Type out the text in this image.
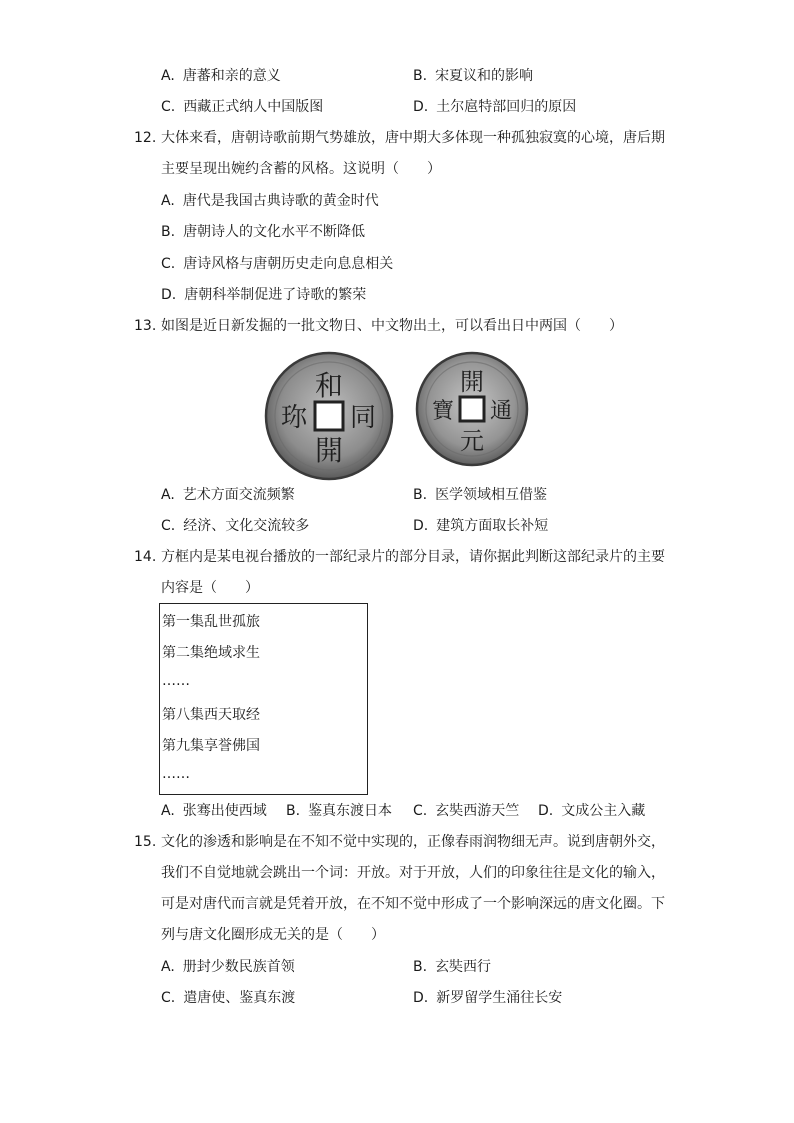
A. 唐蕃和亲的意义	B. 宋夏议和的影响
C. 西藏正式纳人中国版图	D. 土尔扈特部回归的原因
12. 大体来看，唐朝诗歌前期气势雄放，唐中期大多体现一种孤独寂寞的心境，唐后期
主要呈现出婉约含蓄的风格。这说明（　　）
A. 唐代是我国古典诗歌的黄金时代
B. 唐朝诗人的文化水平不断降低
C. 唐诗风格与唐朝历史走向息息相关
D. 唐朝科举制促进了诗歌的繁荣
13. 如图是近日新发掘的一批文物日、中文物出土，可以看出日中两国（　　）
和
開
同
珎
開
元
通
寶
A. 艺术方面交流频繁	B. 医学领域相互借鉴
C. 经济、文化交流较多	D. 建筑方面取长补短
14. 方框内是某电视台播放的一部纪录片的部分目录，请你据此判断这部纪录片的主要
内容是（　　）
第一集乱世孤旅
第二集绝域求生
……
第八集西天取经
第九集享誉佛国
……
A. 张骞出使西域 B. 鉴真东渡日本 C. 玄奘西游天竺 D. 文成公主入藏
15. 文化的渗透和影响是在不知不觉中实现的，正像春雨润物细无声。说到唐朝外交，
我们不自觉地就会跳出一个词：开放。对于开放，人们的印象往往是文化的输入，
可是对唐代而言就是凭着开放，在不知不觉中形成了一个影响深远的唐文化圈。下
列与唐文化圈形成无关的是（　　）
A. 册封少数民族首领	B. 玄奘西行
C. 遣唐使、鉴真东渡	D. 新罗留学生涌往长安
